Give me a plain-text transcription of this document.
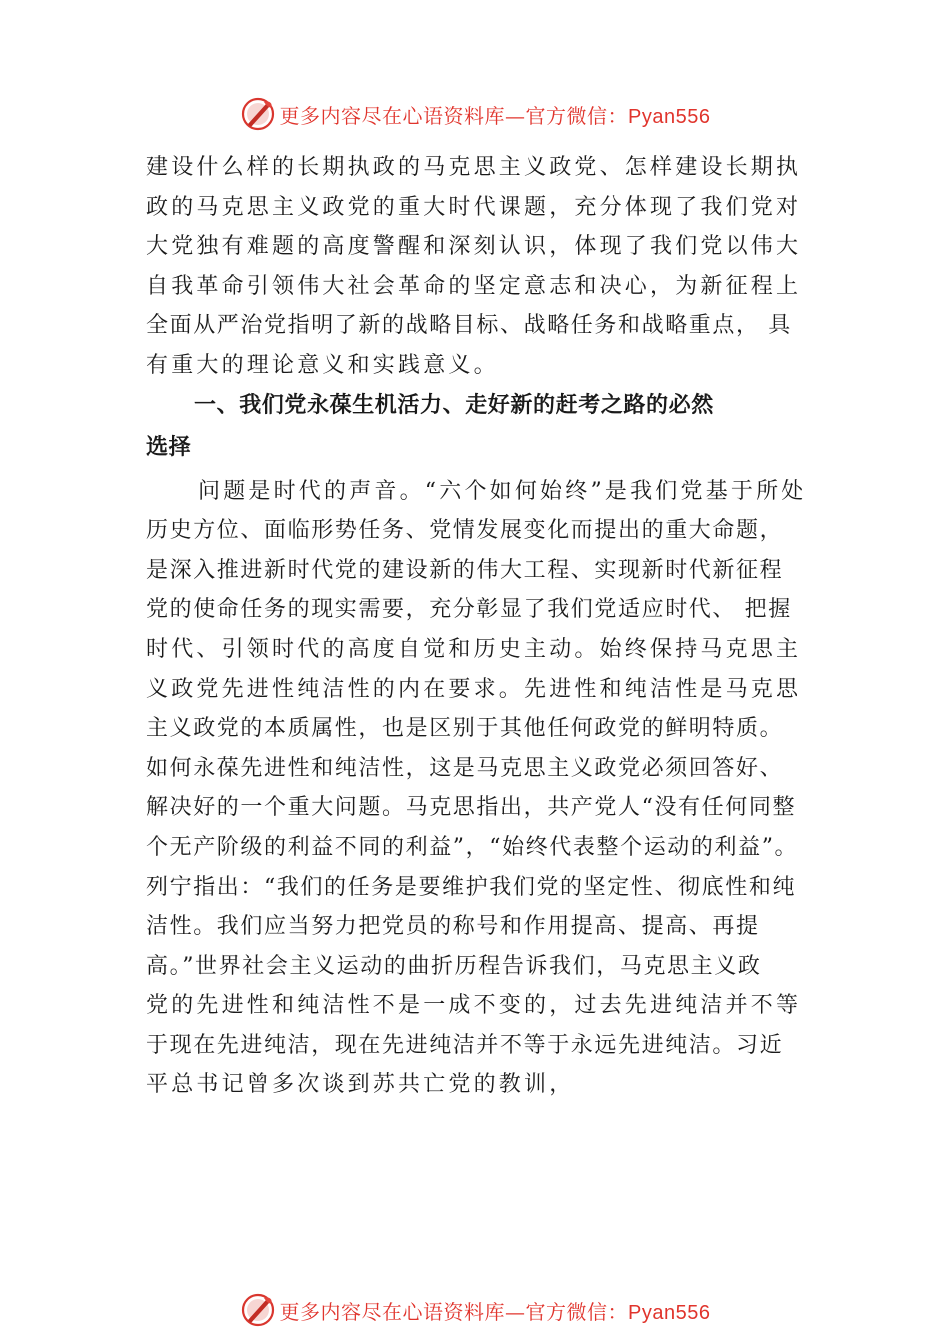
更多内容尽在心语资料库—官方微信：Pyan556
建设什么样的长期执政的马克思主义政党、怎样建设长期执
政的马克思主义政党的重大时代课题，充分体现了我们党对
大党独有难题的高度警醒和深刻认识，体现了我们党以伟大
自我革命引领伟大社会革命的坚定意志和决心，为新征程上
全面从严治党指明了新的战略目标、战略任务和战略重点， 具
有重大的理论意义和实践意义。
一、我们党永葆生机活力、走好新的赶考之路的必然
选择
问题是时代的声音。“六个如何始终”是我们党基于所处
历史方位、面临形势任务、党情发展变化而提出的重大命题，
是深入推进新时代党的建设新的伟大工程、实现新时代新征程
党的使命任务的现实需要，充分彰显了我们党适应时代、 把握
时代、引领时代的高度自觉和历史主动。始终保持马克思主
义政党先进性纯洁性的内在要求。先进性和纯洁性是马克思
主义政党的本质属性，也是区别于其他任何政党的鲜明特质。
如何永葆先进性和纯洁性，这是马克思主义政党必须回答好、
解决好的一个重大问题。马克思指出，共产党人“没有任何同整
个无产阶级的利益不同的利益”，“始终代表整个运动的利益”。
列宁指出：“我们的任务是要维护我们党的坚定性、彻底性和纯
洁性。我们应当努力把党员的称号和作用提高、提高、再提
高。”世界社会主义运动的曲折历程告诉我们，马克思主义政
党的先进性和纯洁性不是一成不变的，过去先进纯洁并不等
于现在先进纯洁，现在先进纯洁并不等于永远先进纯洁。习近
平总书记曾多次谈到苏共亡党的教训，
更多内容尽在心语资料库—官方微信：Pyan556
